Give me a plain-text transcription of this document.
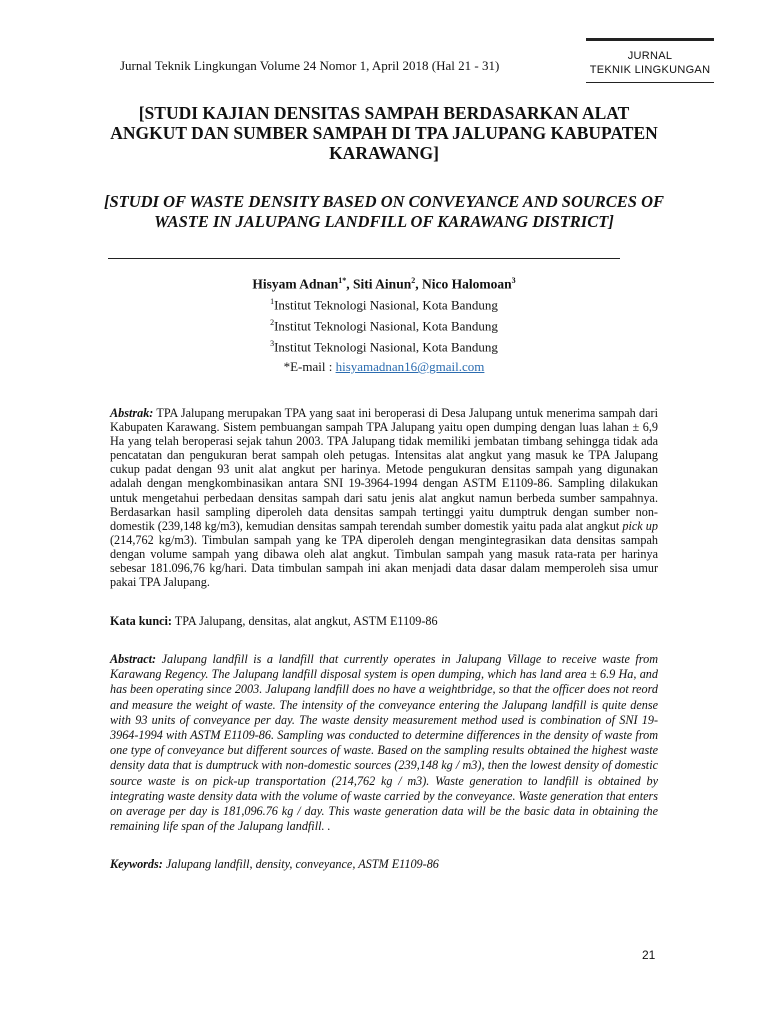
Jurnal Teknik Lingkungan Volume 24 Nomor 1, April 2018 (Hal 21 - 31)
JURNAL
TEKNIK LINGKUNGAN
[STUDI KAJIAN DENSITAS SAMPAH BERDASARKAN ALAT ANGKUT DAN SUMBER SAMPAH DI TPA JALUPANG KABUPATEN KARAWANG]
[STUDI OF WASTE DENSITY BASED ON CONVEYANCE AND SOURCES OF WASTE IN JALUPANG LANDFILL OF KARAWANG DISTRICT]
Hisyam Adnan$^{1*}$, Siti Ainun$^2$, Nico Halomoan$^3$
$^1$Institut Teknologi Nasional, Kota Bandung
$^2$Institut Teknologi Nasional, Kota Bandung
$^3$Institut Teknologi Nasional, Kota Bandung
*E-mail : hisyamadnan16@gmail.com
Abstrak: TPA Jalupang merupakan TPA yang saat ini beroperasi di Desa Jalupang untuk menerima sampah dari Kabupaten Karawang. Sistem pembuangan sampah TPA Jalupang yaitu open dumping dengan luas lahan ± 6,9 Ha yang telah beroperasi sejak tahun 2003. TPA Jalupang tidak memiliki jembatan timbang sehingga tidak ada pencatatan dan pengukuran berat sampah oleh petugas. Intensitas alat angkut yang masuk ke TPA Jalupang cukup padat dengan 93 unit alat angkut per harinya. Metode pengukuran densitas sampah yang digunakan adalah dengan mengkombinasikan antara SNI 19-3964-1994 dengan ASTM E1109-86. Sampling dilakukan untuk mengetahui perbedaan densitas sampah dari satu jenis alat angkut namun berbeda sumber sampahnya. Berdasarkan hasil sampling diperoleh data densitas sampah tertinggi yaitu dumptruk dengan sumber non-domestik (239,148 kg/m3), kemudian densitas sampah terendah sumber domestik yaitu pada alat angkut pick up (214,762 kg/m3). Timbulan sampah yang ke TPA diperoleh dengan mengintegrasikan data densitas sampah dengan volume sampah yang dibawa oleh alat angkut. Timbulan sampah yang masuk rata-rata per harinya sebesar 181.096,76 kg/hari. Data timbulan sampah ini akan menjadi data dasar dalam memperoleh sisa umur pakai TPA Jalupang.
Kata kunci: TPA Jalupang, densitas, alat angkut, ASTM E1109-86
Abstract: Jalupang landfill is a landfill that currently operates in Jalupang Village to receive waste from Karawang Regency. The Jalupang landfill disposal system is open dumping, which has land area ± 6.9 Ha, and has been operating since 2003. Jalupang landfill does no have a weightbridge, so that the officer does not reord and measure the weight of waste. The intensity of the conveyance entering the Jalupang landfill is quite dense with 93 units of conveyance per day. The waste density measurement method used is combination of SNI 19-3964-1994 with ASTM E1109-86. Sampling was conducted to determine differences in the density of waste from one type of conveyance but different sources of waste. Based on the sampling results obtained the highest waste density data that is dumptruck with non-domestic sources (239,148 kg / m3), then the lowest density of domestic source waste is on pick-up transportation (214,762 kg / m3). Waste generation to landfill is obtained by integrating waste density data with the volume of waste carried by the conveyance. Waste generation that enters on average per day is 181,096.76 kg / day. This waste generation data will be the basic data in obtaining the remaining life span of the Jalupang landfill. .
Keywords: Jalupang landfill, density, conveyance, ASTM E1109-86
21
